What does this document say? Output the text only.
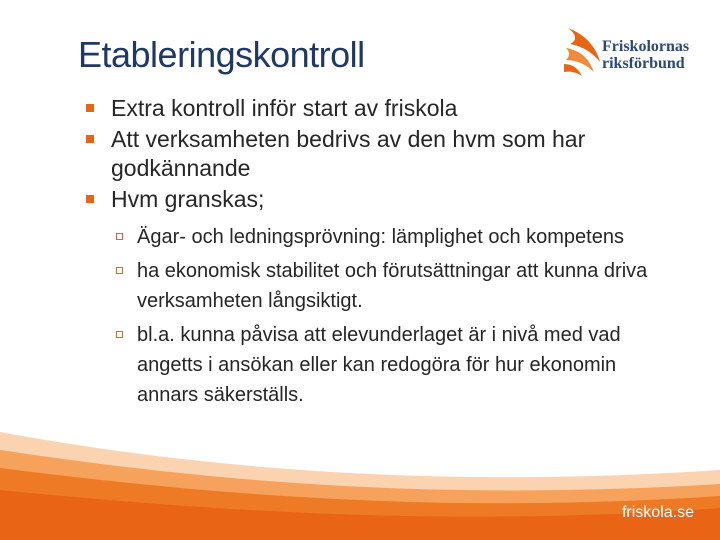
Etableringskontroll	Friskolornas
riksförbund
Extra kontroll inför start av friskola
Att verksamheten bedrivs av den hvm som har godkännande
Hvm granskas;
Ägar- och ledningsprövning: lämplighet och kompetens
ha ekonomisk stabilitet och förutsättningar att kunna driva verksamheten långsiktigt.
bl.a. kunna påvisa att elevunderlaget är i nivå med vad angetts i ansökan eller kan redogöra för hur ekonomin annars säkerställs.
friskola.se
